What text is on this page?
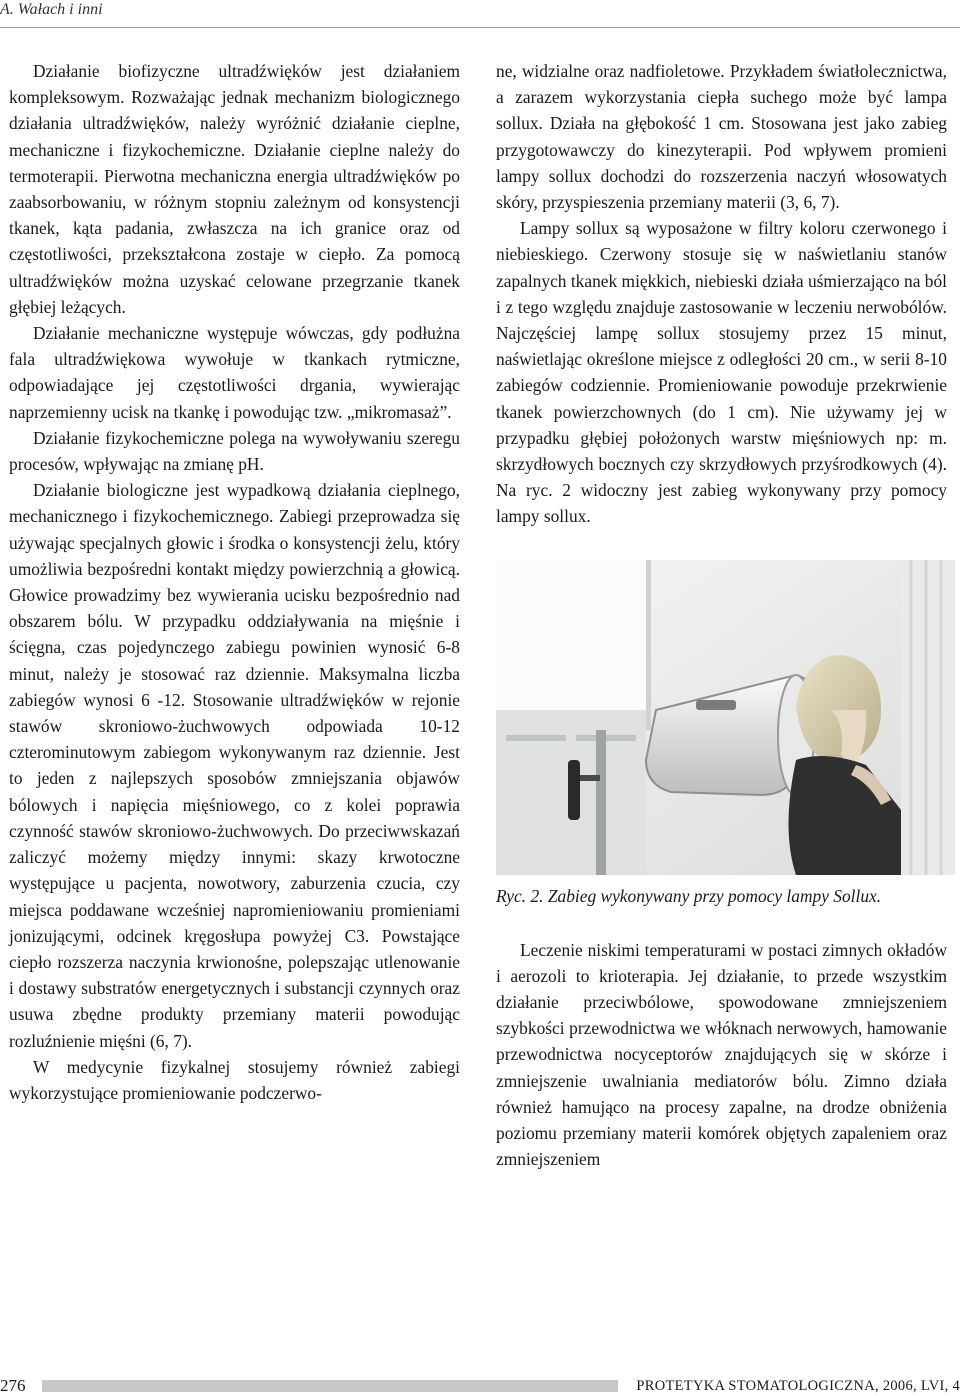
A. Wałach i inni

Działanie biofizyczne ultradźwięków jest działaniem kompleksowym. Rozważając jednak mechanizm biologicznego działania ultradźwięków, należy wyróżnić działanie cieplne, mechaniczne i fizykochemiczne. Działanie cieplne należy do termoterapii. Pierwotna mechaniczna energia ultradźwięków po zaabsorbowaniu, w różnym stopniu zależnym od konsystencji tkanek, kąta padania, zwłaszcza na ich granice oraz od częstotliwości, przekształcona zostaje w ciepło. Za pomocą ultradźwięków można uzyskać celowane przegrzanie tkanek głębiej leżących.

Działanie mechaniczne występuje wówczas, gdy podłużna fala ultradźwiękowa wywołuje w tkankach rytmiczne, odpowiadające jej częstotliwości drgania, wywierając naprzemienny ucisk na tkankę i powodując tzw. „mikromasaż”.

Działanie fizykochemiczne polega na wywoływaniu szeregu procesów, wpływając na zmianę pH.

Działanie biologiczne jest wypadkową działania cieplnego, mechanicznego i fizykochemicznego. Zabiegi przeprowadza się używając specjalnych głowic i środka o konsystencji żelu, który umożliwia bezpośredni kontakt między powierzchnią a głowicą. Głowice prowadzimy bez wywierania ucisku bezpośrednio nad obszarem bólu. W przypadku oddziaływania na mięśnie i ścięgna, czas pojedynczego zabiegu powinien wynosić 6-8 minut, należy je stosować raz dziennie. Maksymalna liczba zabiegów wynosi 6 -12. Stosowanie ultradźwięków w rejonie stawów skroniowo-żuchwowych odpowiada 10-12 czterominutowym zabiegom wykonywanym raz dziennie. Jest to jeden z najlepszych sposobów zmniejszania objawów bólowych i napięcia mięśniowego, co z kolei poprawia czynność stawów skroniowo-żuchwowych. Do przeciwwskazań zaliczyć możemy między innymi: skazy krwotoczne występujące u pacjenta, nowotwory, zaburzenia czucia, czy miejsca poddawane wcześniej napromieniowaniu promieniami jonizującymi, odcinek kręgosłupa powyżej C3. Powstające ciepło rozszerza naczynia krwionośne, polepszając utlenowanie i dostawy substratów energetycznych i substancji czynnych oraz usuwa zbędne produkty przemiany materii powodując rozluźnienie mięśni (6, 7).

W medycynie fizykalnej stosujemy również zabiegi wykorzystujące promieniowanie podczerwo-

ne, widzialne oraz nadfioletowe. Przykładem światłolecznictwa, a zarazem wykorzystania ciepła suchego może być lampa sollux. Działa na głębokość 1 cm. Stosowana jest jako zabieg przygotowawczy do kinezyterapii. Pod wpływem promieni lampy sollux dochodzi do rozszerzenia naczyń włosowatych skóry, przyspieszenia przemiany materii (3, 6, 7).

Lampy sollux są wyposażone w filtry koloru czerwonego i niebieskiego. Czerwony stosuje się w naświetlaniu stanów zapalnych tkanek miękkich, niebieski działa uśmierzająco na ból i z tego względu znajduje zastosowanie w leczeniu nerwobólów. Najczęściej lampę sollux stosujemy przez 15 minut, naświetlając określone miejsce z odległości 20 cm., w serii 8-10 zabiegów codziennie. Promieniowanie powoduje przekrwienie tkanek powierzchownych (do 1 cm). Nie używamy jej w przypadku głębiej położonych warstw mięśniowych np: m. skrzydłowych bocznych czy skrzydłowych przyśrodkowych (4). Na ryc. 2 widoczny jest zabieg wykonywany przy pomocy lampy sollux.

Ryc. 2. Zabieg wykonywany przy pomocy lampy Sollux.

Leczenie niskimi temperaturami w postaci zimnych okładów i aerozoli to krioterapia. Jej działanie, to przede wszystkim działanie przeciwbólowe, spowodowane zmniejszeniem szybkości przewodnictwa we włóknach nerwowych, hamowanie przewodnictwa nocyceptorów znajdujących się w skórze i zmniejszenie uwalniania mediatorów bólu. Zimno działa również hamująco na procesy zapalne, na drodze obniżenia poziomu przemiany materii komórek objętych zapaleniem oraz zmniejszeniem

276	PROTETYKA STOMATOLOGICZNA, 2006, LVI, 4
